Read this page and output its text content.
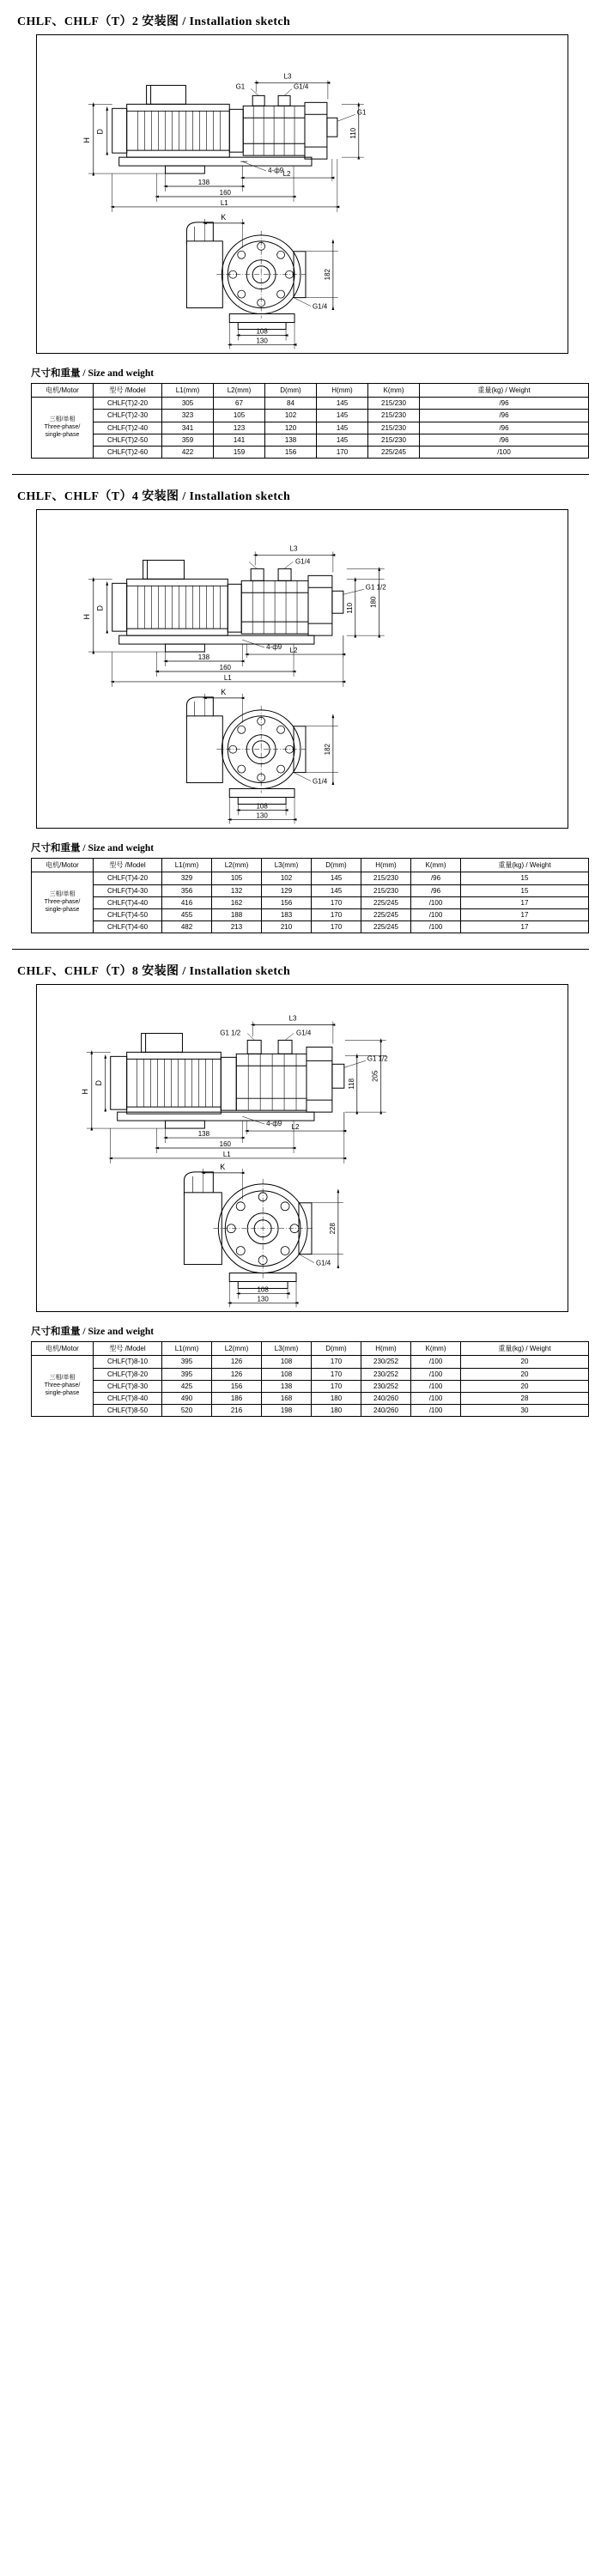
CHLF、CHLF（T）2 安装图 / Installation sketch
L3
G1	G1/4
G1
110
H
D
138
160
L2
L1
4-ф9
K
182
G1/4
108
130
尺寸和重量 / Size and weight
电机/Motor	型号 /Model	L1(mm)	L2(mm)	D(mm)	H(mm)	K(mm)	重量(kg) / Weight
三相/单相
Three-phase/
single-phase	CHLF(T)2-20	305	67	84	145	215/230	/96
	CHLF(T)2-30	323	105	102	145	215/230	/96
	CHLF(T)2-40	341	123	120	145	215/230	/96
	CHLF(T)2-50	359	141	138	145	215/230	/96
	CHLF(T)2-60	422	159	156	170	225/245	/100
CHLF、CHLF（T）4 安装图 / Installation sketch
L3
G1/4
G1 1/2
110
180
H
D
138
160
L2
L1
4-ф9
K
182
G1/4
108
130
尺寸和重量 / Size and weight
电机/Motor	型号 /Model	L1(mm)	L2(mm)	L3(mm)	D(mm)	H(mm)	K(mm)	重量(kg) / Weight
三相/单相
Three-phase/
single-phase	CHLF(T)4-20	329	105	102	145	215/230	/96	15
	CHLF(T)4-30	356	132	129	145	215/230	/96	15
	CHLF(T)4-40	416	162	156	170	225/245	/100	17
	CHLF(T)4-50	455	188	183	170	225/245	/100	17
	CHLF(T)4-60	482	213	210	170	225/245	/100	17
CHLF、CHLF（T）8 安装图 / Installation sketch
L3
G1 1/2	G1/4
G1 1/2
118
205
H
D
138
160
L2
L1
4-ф9
K
228
G1/4
108
130
尺寸和重量 / Size and weight
电机/Motor	型号 /Model	L1(mm)	L2(mm)	L3(mm)	D(mm)	H(mm)	K(mm)	重量(kg) / Weight
三相/单相
Three-phase/
single-phase	CHLF(T)8-10	395	126	108	170	230/252	/100	20
	CHLF(T)8-20	395	126	108	170	230/252	/100	20
	CHLF(T)8-30	425	156	138	170	230/252	/100	20
	CHLF(T)8-40	490	186	168	180	240/260	/100	28
	CHLF(T)8-50	520	216	198	180	240/260	/100	30
